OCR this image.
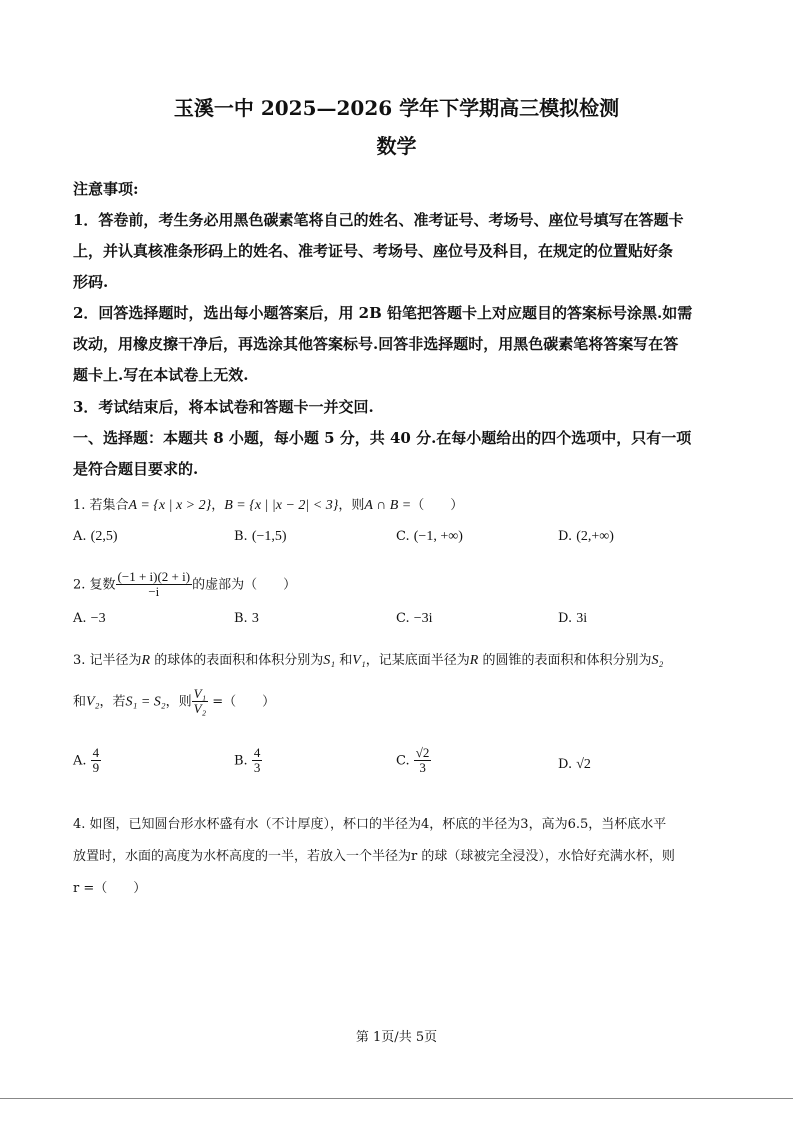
玉溪一中 2025—2026 学年下学期高三模拟检测
数学
注意事项:
1．答卷前，考生务必用黑色碳素笔将自己的姓名、准考证号、考场号、座位号填写在答题卡
上，并认真核准条形码上的姓名、准考证号、考场号、座位号及科目，在规定的位置贴好条
形码.
2．回答选择题时，选出每小题答案后，用 2B 铅笔把答题卡上对应题目的答案标号涂黑.如需
改动，用橡皮擦干净后，再选涂其他答案标号.回答非选择题时，用黑色碳素笔将答案写在答
题卡上.写在本试卷上无效.
3．考试结束后，将本试卷和答题卡一并交回.
一、选择题：本题共 8 小题，每小题 5 分，共 40 分.在每小题给出的四个选项中，只有一项
是符合题目要求的.
1. 若集合A = {x | x > 2}，B = {x | |x − 2| < 3}，则A ∩ B =（　　）
A. (2,5)	B. (−1,5)	C. (−1, +∞)	D. (2,+∞)
2. 复数 $\frac{(-1 + i)(2 + i)}{-i}$ 的虚部为（　　）
A. −3	B. 3	C. −3i	D. 3i
3. 记半径为R 的球体的表面积和体积分别为S₁ 和V₁，记某底面半径为R 的圆锥的表面积和体积分别为S₂
和V₂，若S₁ = S₂，则 $\frac{\text{V₁}}{\text{V₂}}$ =（　　）
A. $\frac{4}{9}$	B. $\frac{4}{3}$	C. $\frac{√2}{3}$	D. √2
4. 如图，已知圆台形水杯盛有水（不计厚度），杯口的半径为4，杯底的半径为3，高为6.5，当杯底水平
放置时，水面的高度为水杯高度的一半，若放入一个半径为r 的球（球被完全浸没），水恰好充满水杯，则
r =（　　）
第 1页/共 5页
